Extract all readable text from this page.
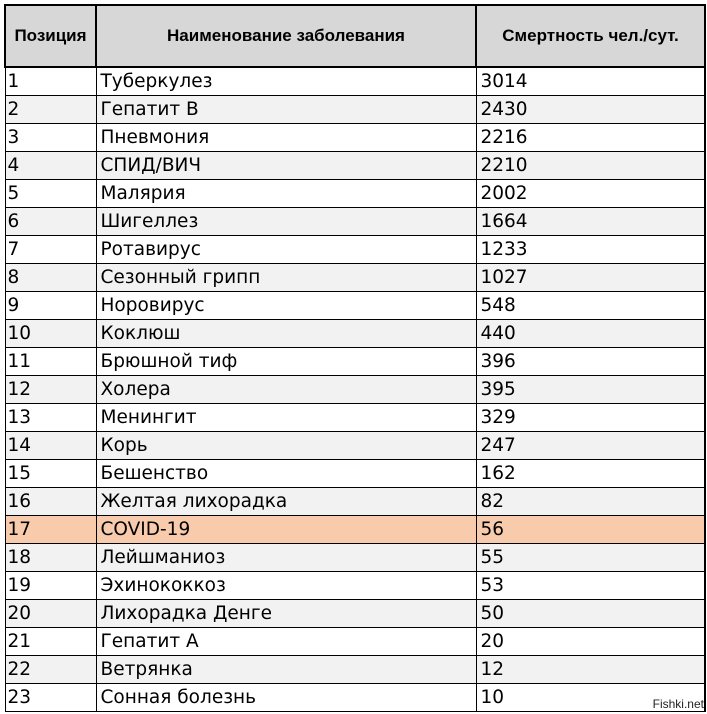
Позиция	Наименование заболевания	Смертность чел./сут.
1	Туберкулез	3014
2	Гепатит В	2430
3	Пневмония	2216
4	СПИД/ВИЧ	2210
5	Малярия	2002
6	Шигеллез	1664
7	Ротавирус	1233
8	Сезонный грипп	1027
9	Норовирус	548
10	Коклюш	440
11	Брюшной тиф	396
12	Холера	395
13	Менингит	329
14	Корь	247
15	Бешенство	162
16	Желтая лихорадка	82
17	COVID-19	56
18	Лейшманиоз	55
19	Эхинококкоз	53
20	Лихорадка Денге	50
21	Гепатит А	20
22	Ветрянка	12
23	Сонная болезнь	10	Fishki.net
